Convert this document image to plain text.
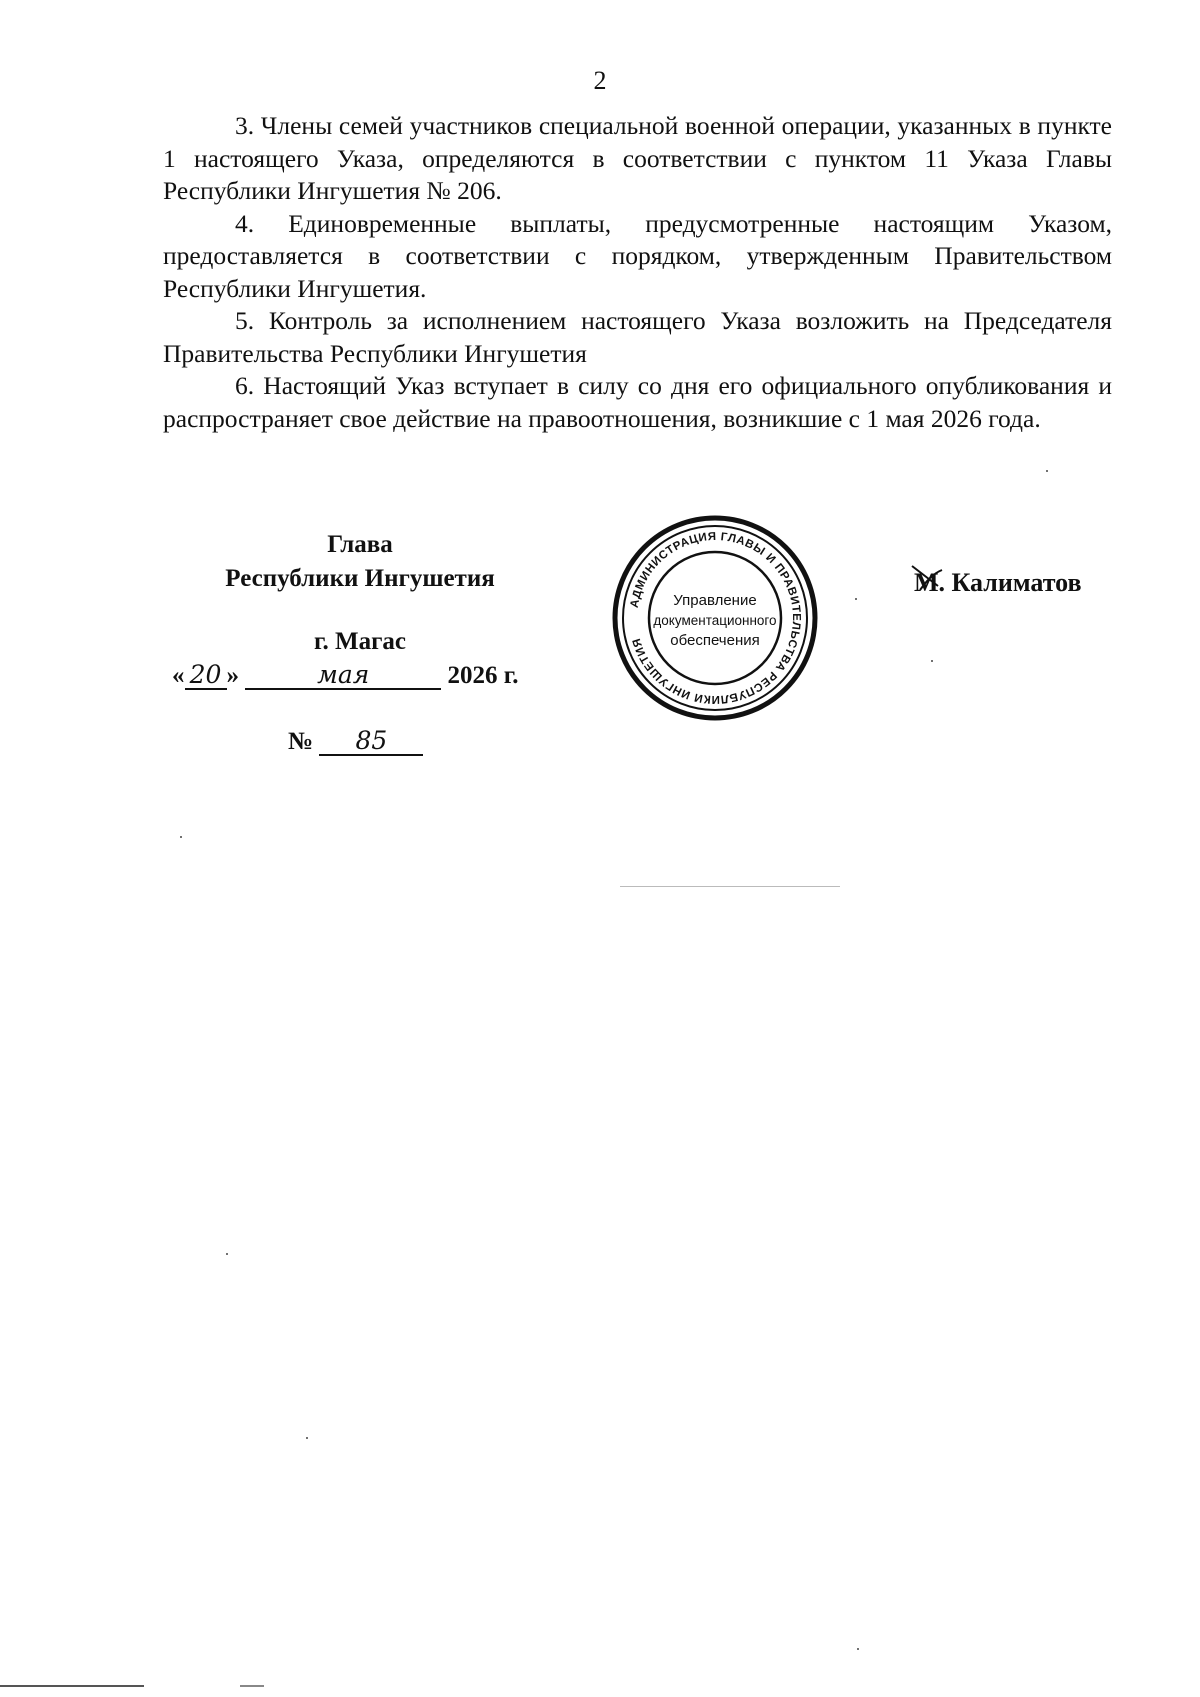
2

3. Члены семей участников специальной военной операции, указанных в пункте 1 настоящего Указа, определяются в соответствии с пунктом 11 Указа Главы Республики Ингушетия № 206.

4. Единовременные выплаты, предусмотренные настоящим Указом, предоставляется в соответствии с порядком, утвержденным Правительством Республики Ингушетия.

5. Контроль за исполнением настоящего Указа возложить на Председателя Правительства Республики Ингушетия

6. Настоящий Указ вступает в силу со дня его официального опубликования и распространяет свое действие на правоотношения, возникшие с 1 мая 2026 года.

Глава
Республики Ингушетия
г. Магас
« 20 »	мая	2026 г.
№ 85
АДМИНИСТРАЦИЯ ГЛАВЫ И ПРАВИТЕЛЬСТВА РЕСПУБЛИКИ ИНГУШЕТИЯ
Управление
документационного
обеспечения
М. Калиматов
